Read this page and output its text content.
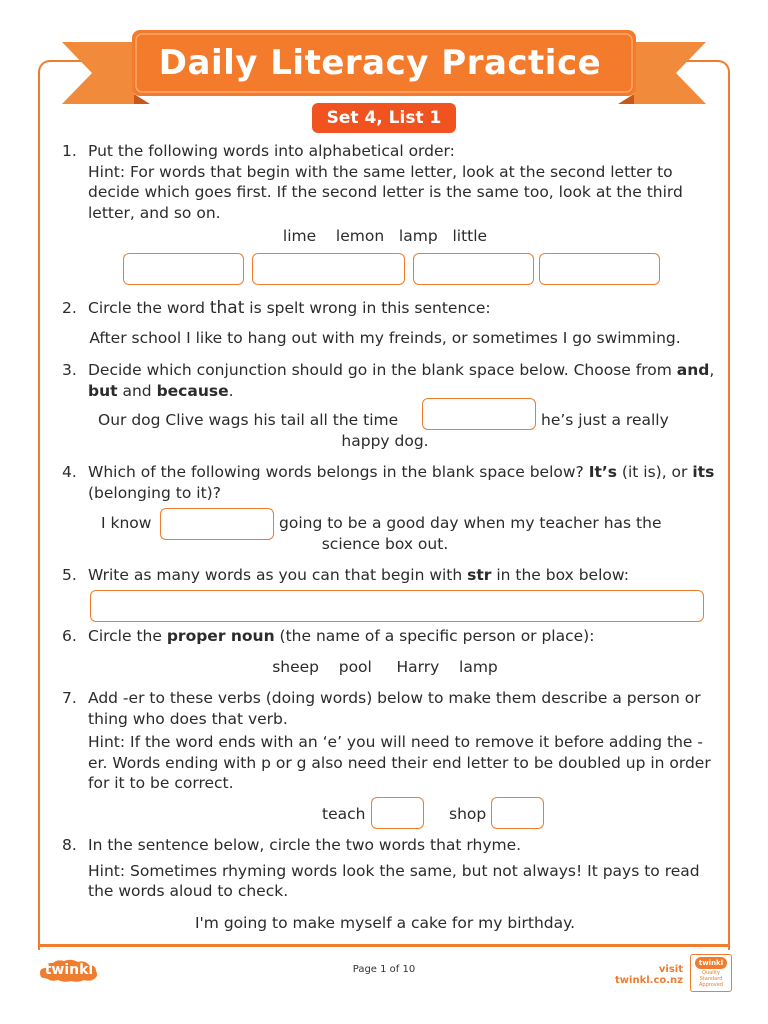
Daily Literacy Practice
Set 4, List 1
1. Put the following words into alphabetical order:
Hint: For words that begin with the same letter, look at the second letter to decide which goes first. If the second letter is the same too, look at the third letter, and so on.
lime lemon lamp little
2. Circle the word that is spelt wrong in this sentence:
After school I like to hang out with my freinds, or sometimes I go swimming.
3. Decide which conjunction should go in the blank space below. Choose from and, but and because.
Our dog Clive wags his tail all the time	he’s just a really
happy dog.
4. Which of the following words belongs in the blank space below? It’s (it is), or its (belonging to it)?
I know	going to be a good day when my teacher has the
science box out.
5. Write as many words as you can that begin with str in the box below:
6. Circle the proper noun (the name of a specific person or place):
sheep pool Harry lamp
7. Add -er to these verbs (doing words) below to make them describe a person or thing who does that verb.
Hint: If the word ends with an ‘e’ you will need to remove it before adding the -er. Words ending with p or g also need their end letter to be doubled up in order for it to be correct.
teach	shop
8. In the sentence below, circle the two words that rhyme.
Hint: Sometimes rhyming words look the same, but not always! It pays to read the words aloud to check.
I'm going to make myself a cake for my birthday.
twinkl	Page 1 of 10	visit twinkl.co.nz
twinkl
Quality Standard Approved
